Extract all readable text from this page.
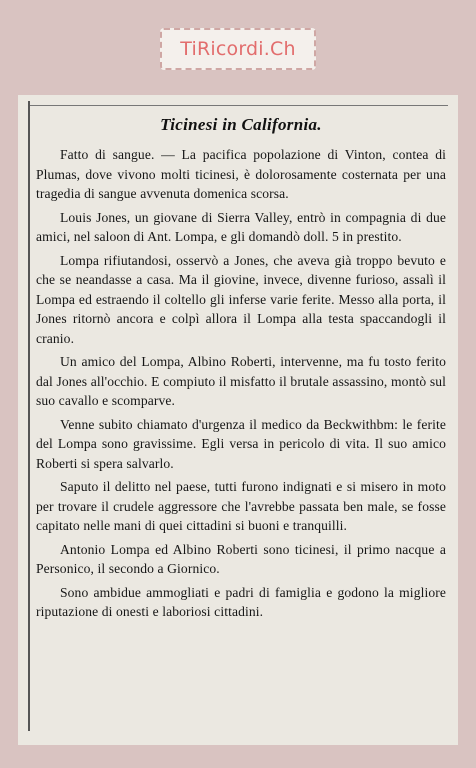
TiRicordi.Ch
Ticinesi in California.

Fatto di sangue. — La pacifica popolazione di Vinton, contea di Plumas, dove vivono molti ticinesi, è dolorosamente costernata per una tragedia di sangue avvenuta domenica scorsa.

Louis Jones, un giovane di Sierra Valley, entrò in compagnia di due amici, nel saloon di Ant. Lompa, e gli domandò doll. 5 in prestito.

Lompa rifiutandosi, osservò a Jones, che aveva già troppo bevuto e che se neandasse a casa. Ma il giovine, invece, divenne furioso, assalì il Lompa ed estraendo il coltello gli inferse varie ferite. Messo alla porta, il Jones ritornò ancora e colpì allora il Lompa alla testa spaccandogli il cranio.

Un amico del Lompa, Albino Roberti, intervenne, ma fu tosto ferito dal Jones all'occhio. E compiuto il misfatto il brutale assassino, montò sul suo cavallo e scomparve.

Venne subito chiamato d'urgenza il medico da Beckwithbm: le ferite del Lompa sono gravissime. Egli versa in pericolo di vita. Il suo amico Roberti si spera salvarlo.

Saputo il delitto nel paese, tutti furono indignati e si misero in moto per trovare il crudele aggressore che l'avrebbe passata ben male, se fosse capitato nelle mani di quei cittadini si buoni e tranquilli.

Antonio Lompa ed Albino Roberti sono ticinesi, il primo nacque a Personico, il secondo a Giornico.

Sono ambidue ammogliati e padri di famiglia e godono la migliore riputazione di onesti e laboriosi cittadini.
